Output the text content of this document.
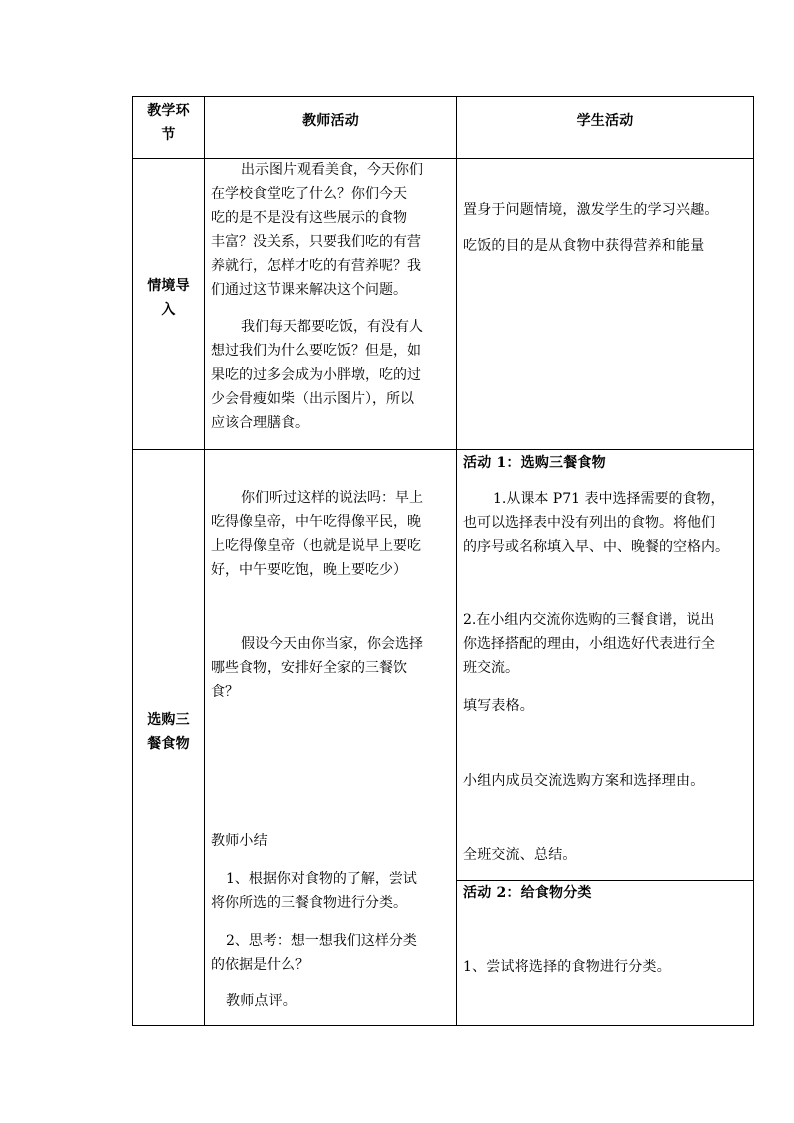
教学环
节
教师活动	学生活动
情境导
入

出示图片观看美食，今天你们

在学校食堂吃了什么？你们今天

吃的是不是没有这些展示的食物

丰富？没关系，只要我们吃的有营

养就行，怎样才吃的有营养呢？我

们通过这节课来解决这个问题。

我们每天都要吃饭，有没有人

想过我们为什么要吃饭？但是，如

果吃的过多会成为小胖墩，吃的过

少会骨瘦如柴（出示图片），所以

应该合理膳食。

置身于问题情境，激发学生的学习兴趣。
吃饭的目的是从食物中获得营养和能量
选购三
餐食物

你们听过这样的说法吗：早上

吃得像皇帝，中午吃得像平民，晚

上吃得像皇帝（也就是说早上要吃

好，中午要吃饱，晚上要吃少）

假设今天由你当家，你会选择

哪些食物，安排好全家的三餐饮

食？

教师小结

1、根据你对食物的了解，尝试

将你所选的三餐食物进行分类。

2、思考：想一想我们这样分类

的依据是什么？

教师点评。
活动 1：选购三餐食物

1.从课本 P71 表中选择需要的食物，

也可以选择表中没有列出的食物。将他们

的序号或名称填入早、中、晚餐的空格内。

2.在小组内交流你选购的三餐食谱，说出

你选择搭配的理由，小组选好代表进行全

班交流。

填写表格。
小组内成员交流选购方案和选择理由。
全班交流、总结。
活动 2：给食物分类
1、尝试将选择的食物进行分类。
